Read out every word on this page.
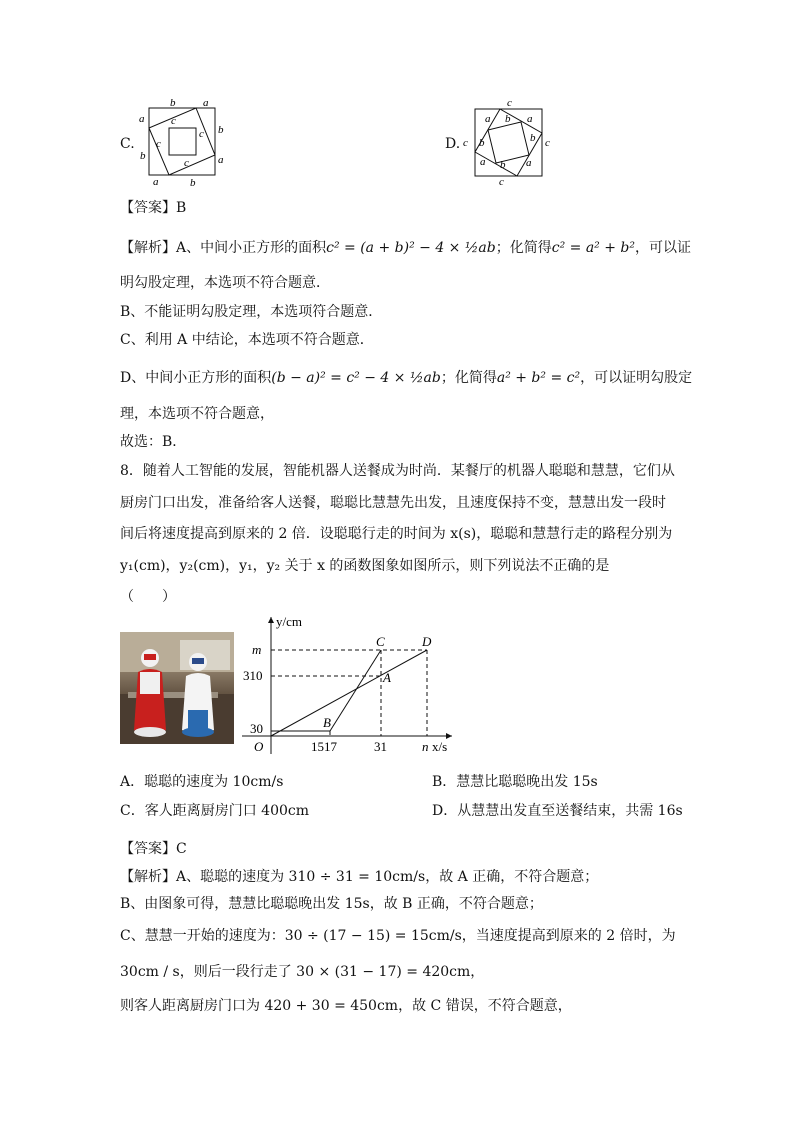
b	a
a c
c b
b
c
c	a
a	b
C.
c
a b
c
a
b	b
a
c
b a
c
D.
【答案】B
【解析】A、中间小正方形的面积c² = (a + b)² − 4 × ½ab；化简得c² = a² + b²，可以证
明勾股定理，本选项不符合题意．
B、不能证明勾股定理，本选项符合题意．
C、利用 A 中结论，本选项不符合题意．
D、中间小正方形的面积(b − a)² = c² − 4 × ½ab；化简得a² + b² = c²，可以证明勾股定
理，本选项不符合题意，
故选：B．
8．随着人工智能的发展，智能机器人送餐成为时尚．某餐厅的机器人聪聪和慧慧，它们从
厨房门口出发，准备给客人送餐，聪聪比慧慧先出发，且速度保持不变，慧慧出发一段时
间后将速度提高到原来的 2 倍．设聪聪行走的时间为 x(s)，聪聪和慧慧行走的路程分别为
y₁(cm)，y₂(cm)，y₁，y₂ 关于 x 的函数图象如图所示，则下列说法不正确的是
（　　）
y/cm
x/s
O
m
310
30
1517	31	n
C	D
A
B
A．聪聪的速度为 10cm/s	B．慧慧比聪聪晚出发 15s
C．客人距离厨房门口 400cm	D．从慧慧出发直至送餐结束，共需 16s
【答案】C
【解析】A、聪聪的速度为 310 ÷ 31 = 10cm/s，故 A 正确，不符合题意；
B、由图象可得，慧慧比聪聪晚出发 15s，故 B 正确，不符合题意；
C、慧慧一开始的速度为：30 ÷ (17 − 15) = 15cm/s，当速度提高到原来的 2 倍时，为
30cm / s，则后一段行走了 30 × (31 − 17) = 420cm，
则客人距离厨房门口为 420 + 30 = 450cm，故 C 错误，不符合题意，
